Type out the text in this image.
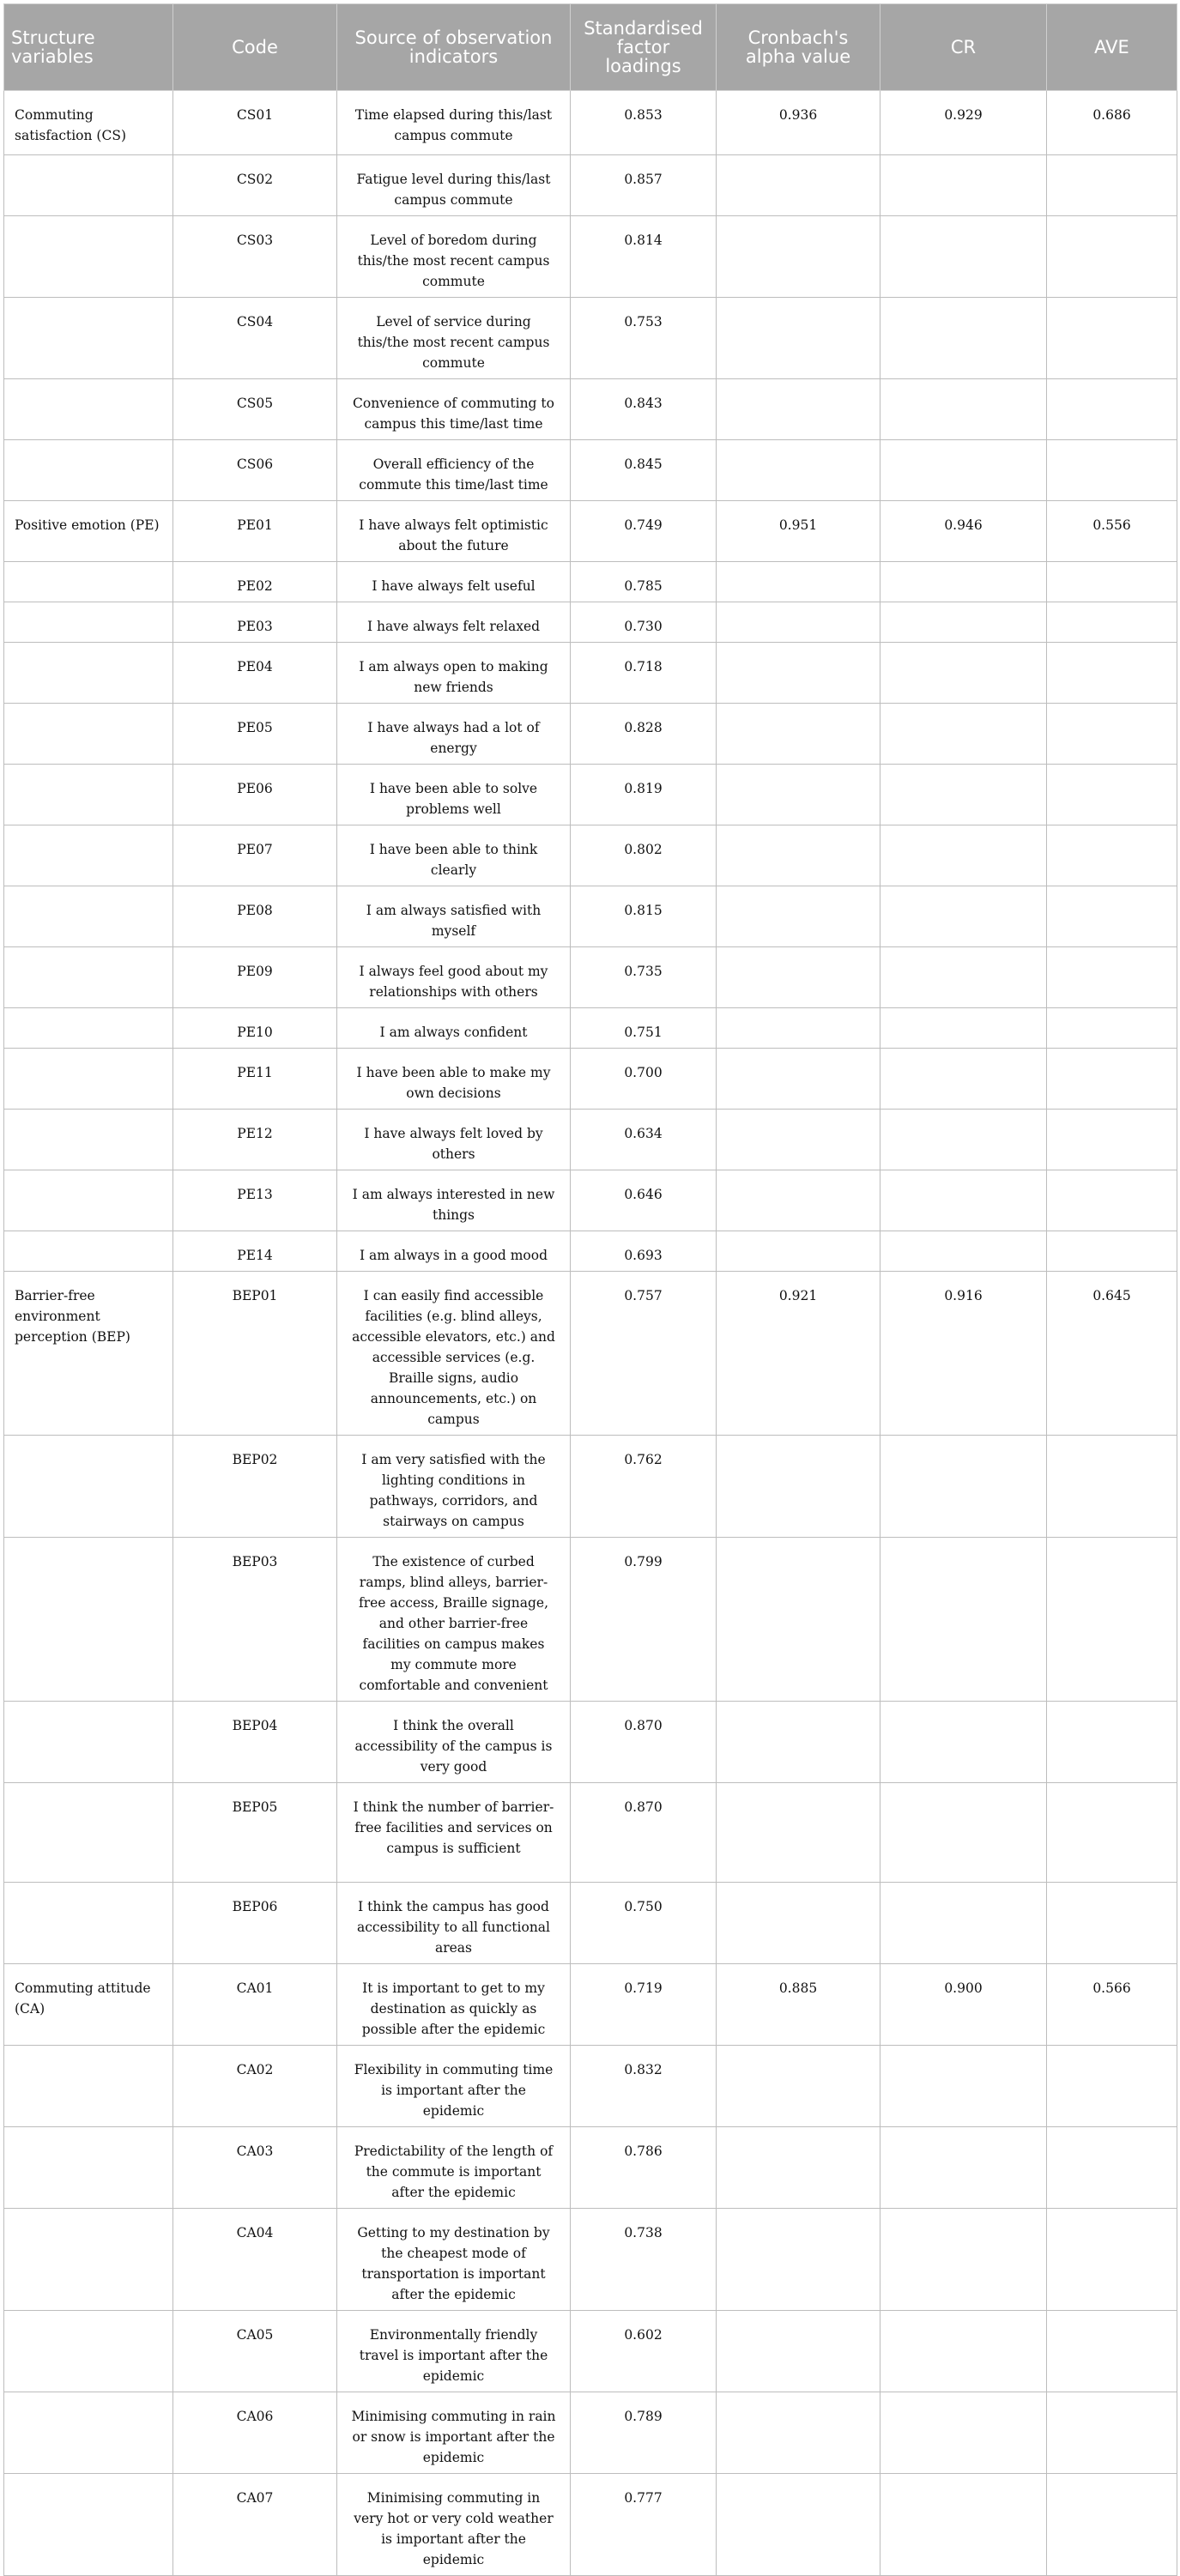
Structure variables	Code	Source of observation indicators	Standardised factor loadings	Cronbach's alpha value	CR	AVE
Commuting satisfaction (CS)	CS01	Time elapsed during this/last campus commute	0.853	0.936	0.929	0.686
	CS02	Fatigue level during this/last campus commute	0.857			
	CS03	Level of boredom during this/the most recent campus commute	0.814			
	CS04	Level of service during this/the most recent campus commute	0.753			
	CS05	Convenience of commuting to campus this time/last time	0.843			
	CS06	Overall efficiency of the commute this time/last time	0.845			
Positive emotion (PE)	PE01	I have always felt optimistic about the future	0.749	0.951	0.946	0.556
	PE02	I have always felt useful	0.785			
	PE03	I have always felt relaxed	0.730			
	PE04	I am always open to making new friends	0.718			
	PE05	I have always had a lot of energy	0.828			
	PE06	I have been able to solve problems well	0.819			
	PE07	I have been able to think clearly	0.802			
	PE08	I am always satisfied with myself	0.815			
	PE09	I always feel good about my relationships with others	0.735			
	PE10	I am always confident	0.751			
	PE11	I have been able to make my own decisions	0.700			
	PE12	I have always felt loved by others	0.634			
	PE13	I am always interested in new things	0.646			
	PE14	I am always in a good mood	0.693			
Barrier-free environment perception (BEP)	BEP01	I can easily find accessible facilities (e.g. blind alleys, accessible elevators, etc.) and accessible services (e.g. Braille signs, audio announcements, etc.) on campus	0.757	0.921	0.916	0.645
	BEP02	I am very satisfied with the lighting conditions in pathways, corridors, and stairways on campus	0.762			
	BEP03	The existence of curbed ramps, blind alleys, barrier-free access, Braille signage, and other barrier-free facilities on campus makes my commute more comfortable and convenient	0.799			
	BEP04	I think the overall accessibility of the campus is very good	0.870			
	BEP05	I think the number of barrier-free facilities and services on campus is sufficient	0.870			
	BEP06	I think the campus has good accessibility to all functional areas	0.750			
Commuting attitude (CA)	CA01	It is important to get to my destination as quickly as possible after the epidemic	0.719	0.885	0.900	0.566
	CA02	Flexibility in commuting time is important after the epidemic	0.832			
	CA03	Predictability of the length of the commute is important after the epidemic	0.786			
	CA04	Getting to my destination by the cheapest mode of transportation is important after the epidemic	0.738			
	CA05	Environmentally friendly travel is important after the epidemic	0.602			
	CA06	Minimising commuting in rain or snow is important after the epidemic	0.789			
	CA07	Minimising commuting in very hot or very cold weather is important after the epidemic	0.777			
